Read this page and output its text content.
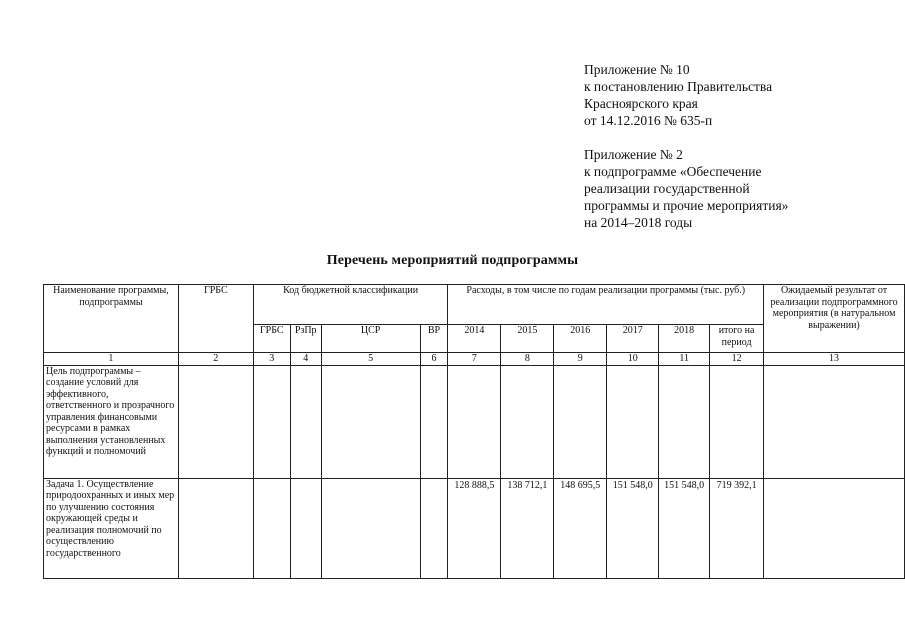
Приложение № 10
к постановлению Правительства
Красноярского края
от 14.12.2016 № 635-п
Приложение № 2
к подпрограмме «Обеспечение
реализации государственной
программы и прочие мероприятия»
на 2014–2018 годы
Перечень мероприятий подпрограммы
Наименование программы, подпрограммы	ГРБС	Код бюджетной классификации				Расходы, в том числе по годам реализации программы (тыс. руб.)						Ожидаемый результат от реализации подпрограммного мероприятия (в натуральном выражении)
		ГРБС	РзПр	ЦСР	ВР	2014	2015	2016	2017	2018	итого на период	
1	2	3	4	5	6	7	8	9	10	11	12	13
Цель подпрограммы – создание условий для эффективного, ответственного и прозрачного управления финансовыми ресурсами в рамках выполнения установленных функций и полномочий												
Задача 1. Осуществление природоохранных и иных мер по улучшению состояния окружающей среды и реализация полномочий по осуществлению государственного						128 888,5	138 712,1	148 695,5	151 548,0	151 548,0	719 392,1	
